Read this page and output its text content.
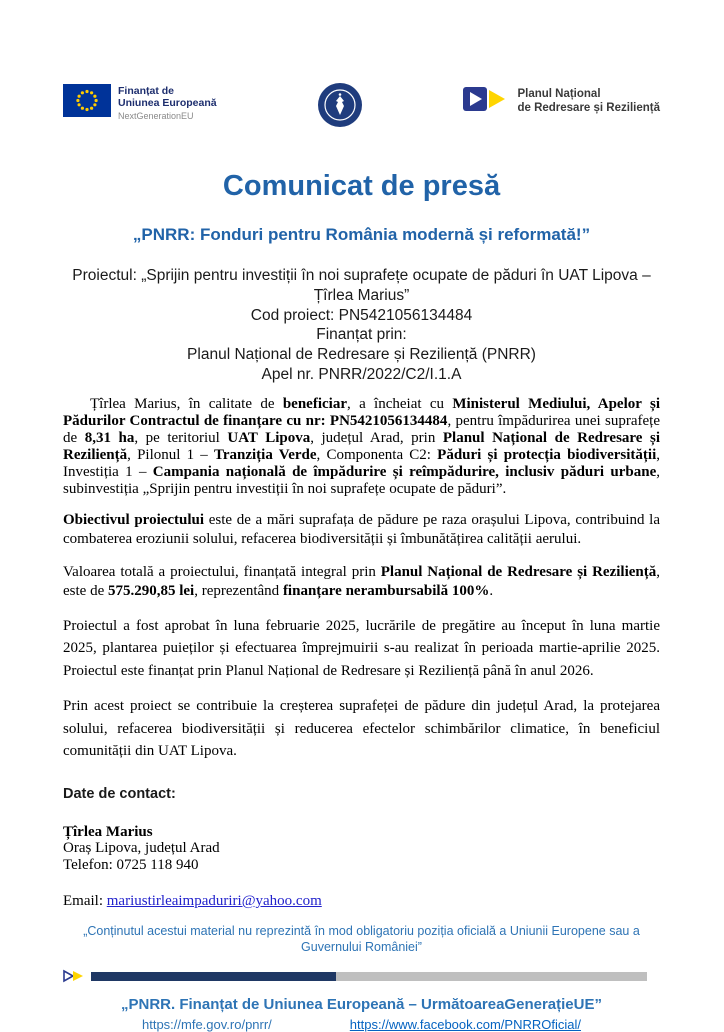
Finanțat de
Uniunea Europeană
NextGenerationEU
Planul Național
de Redresare și Reziliență
Comunicat de presă
„PNRR: Fonduri pentru România modernă și reformată!”
Proiectul: „Sprijin pentru investiții în noi suprafețe ocupate de păduri în UAT Lipova –
Țîrlea Marius”
Cod proiect: PN5421056134484
Finanțat prin:
Planul Național de Redresare și Reziliență (PNRR)
Apel nr. PNRR/2022/C2/I.1.A

Țîrlea Marius, în calitate de beneficiar, a încheiat cu Ministerul Mediului, Apelor și Pădurilor Contractul de finanțare cu nr: PN5421056134484, pentru împădurirea unei suprafețe de 8,31 ha, pe teritoriul UAT Lipova, județul Arad, prin Planul Național de Redresare și Reziliență, Pilonul 1 – Tranziția Verde, Componenta C2: Păduri și protecția biodiversității, Investiția 1 – Campania națională de împădurire și reîmpădurire, inclusiv păduri urbane, subinvestiția „Sprijin pentru investiții în noi suprafețe ocupate de păduri”.

Obiectivul proiectului este de a mări suprafața de pădure pe raza orașului Lipova, contribuind la combaterea eroziunii solului, refacerea biodiversității și îmbunătățirea calității aerului.

Valoarea totală a proiectului, finanțată integral prin Planul Național de Redresare și Reziliență, este de 575.290,85 lei, reprezentând finanțare nerambursabilă 100%.

Proiectul a fost aprobat în luna februarie 2025, lucrările de pregătire au început în luna martie 2025, plantarea puieților și efectuarea împrejmuirii s-au realizat în perioada martie-aprilie 2025. Proiectul este finanțat prin Planul Național de Redresare și Reziliență până în anul 2026.

Prin acest proiect se contribuie la creșterea suprafeței de pădure din județul Arad, la protejarea solului, refacerea biodiversității și reducerea efectelor schimbărilor climatice, în beneficiul comunității din UAT Lipova.

Date de contact:
Țîrlea Marius
Oraș Lipova, județul Arad
Telefon: 0725 118 940
Email: mariustirleaimpaduriri@yahoo.com
„Conținutul acestui material nu reprezintă în mod obligatoriu poziția oficială a Uniunii Europene sau a Guvernului României”
„PNRR. Finanțat de Uniunea Europeană – UrmătoareaGenerațieUE”
https://mfe.gov.ro/pnrr/	https://www.facebook.com/PNRROficial/
